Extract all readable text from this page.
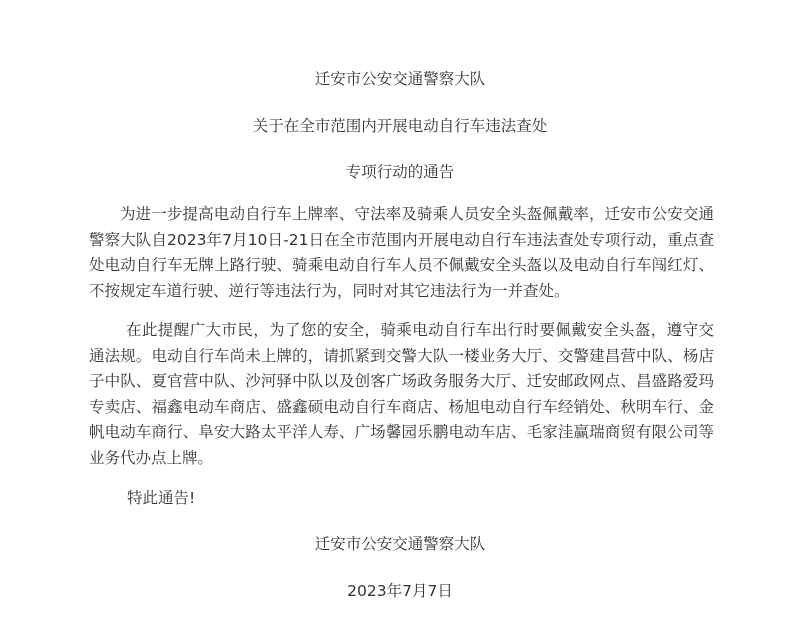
迁安市公安交通警察大队
关于在全市范围内开展电动自行车违法查处
专项行动的通告

为进一步提高电动自行车上牌率、守法率及骑乘人员安全头盔佩戴率，迁安市公安交通警察大队自2023年7月10日-21日在全市范围内开展电动自行车违法查处专项行动，重点查处电动自行车无牌上路行驶、骑乘电动自行车人员不佩戴安全头盔以及电动自行车闯红灯、不按规定车道行驶、逆行等违法行为，同时对其它违法行为一并查处。

在此提醒广大市民，为了您的安全，骑乘电动自行车出行时要佩戴安全头盔，遵守交通法规。电动自行车尚未上牌的，请抓紧到交警大队一楼业务大厅、交警建昌营中队、杨店子中队、夏官营中队、沙河驿中队以及创客广场政务服务大厅、迁安邮政网点、昌盛路爱玛专卖店、福鑫电动车商店、盛鑫硕电动自行车商店、杨旭电动自行车经销处、秋明车行、金帆电动车商行、阜安大路太平洋人寿、广场馨园乐鹏电动车店、毛家洼赢瑞商贸有限公司等业务代办点上牌。

特此通告!
迁安市公安交通警察大队
2023年7月7日
